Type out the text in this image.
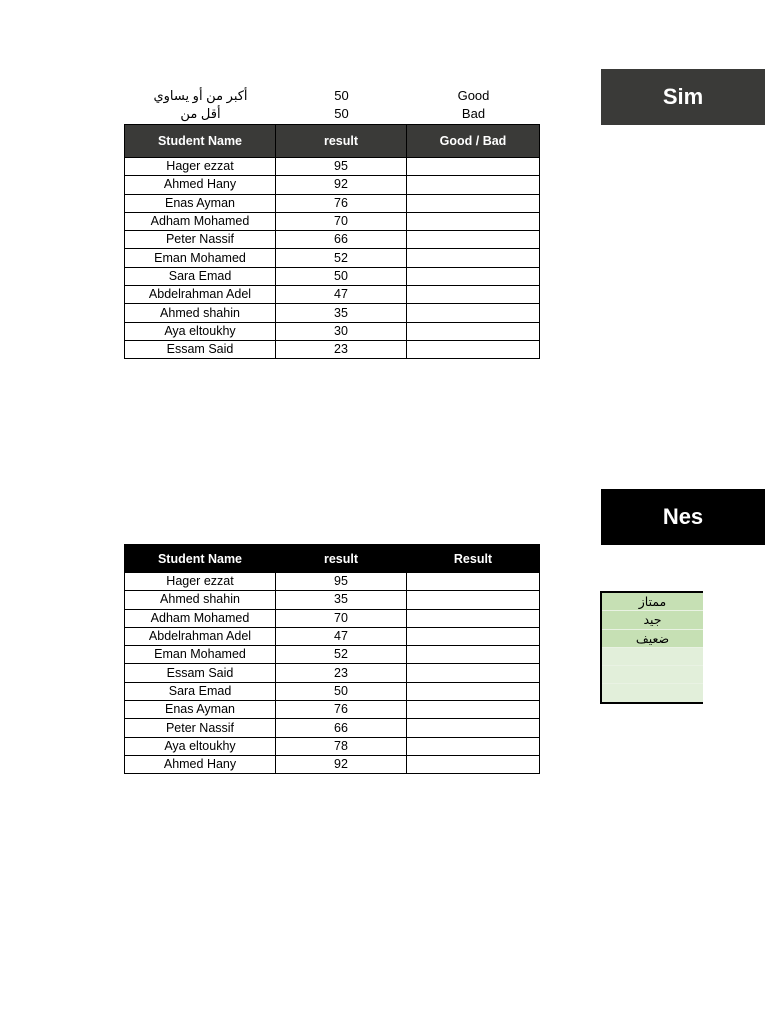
أكبر من أو يساوي	50	Good
أقل من	50	Bad
Student Name	result	Good / Bad
Hager ezzat	95	
Ahmed Hany	92	
Enas Ayman	76	
Adham Mohamed	70	
Peter Nassif	66	
Eman Mohamed	52	
Sara Emad	50	
Abdelrahman Adel	47	
Ahmed shahin	35	
Aya eltoukhy	30	
Essam Said	23	
Sim
Nes
Student Name	result	Result
Hager ezzat	95	
Ahmed shahin	35	
Adham Mohamed	70	
Abdelrahman Adel	47	
Eman Mohamed	52	
Essam Said	23	
Sara Emad	50	
Enas Ayman	76	
Peter Nassif	66	
Aya eltoukhy	78	
Ahmed Hany	92	
ممتاز
جيد
ضعيف
